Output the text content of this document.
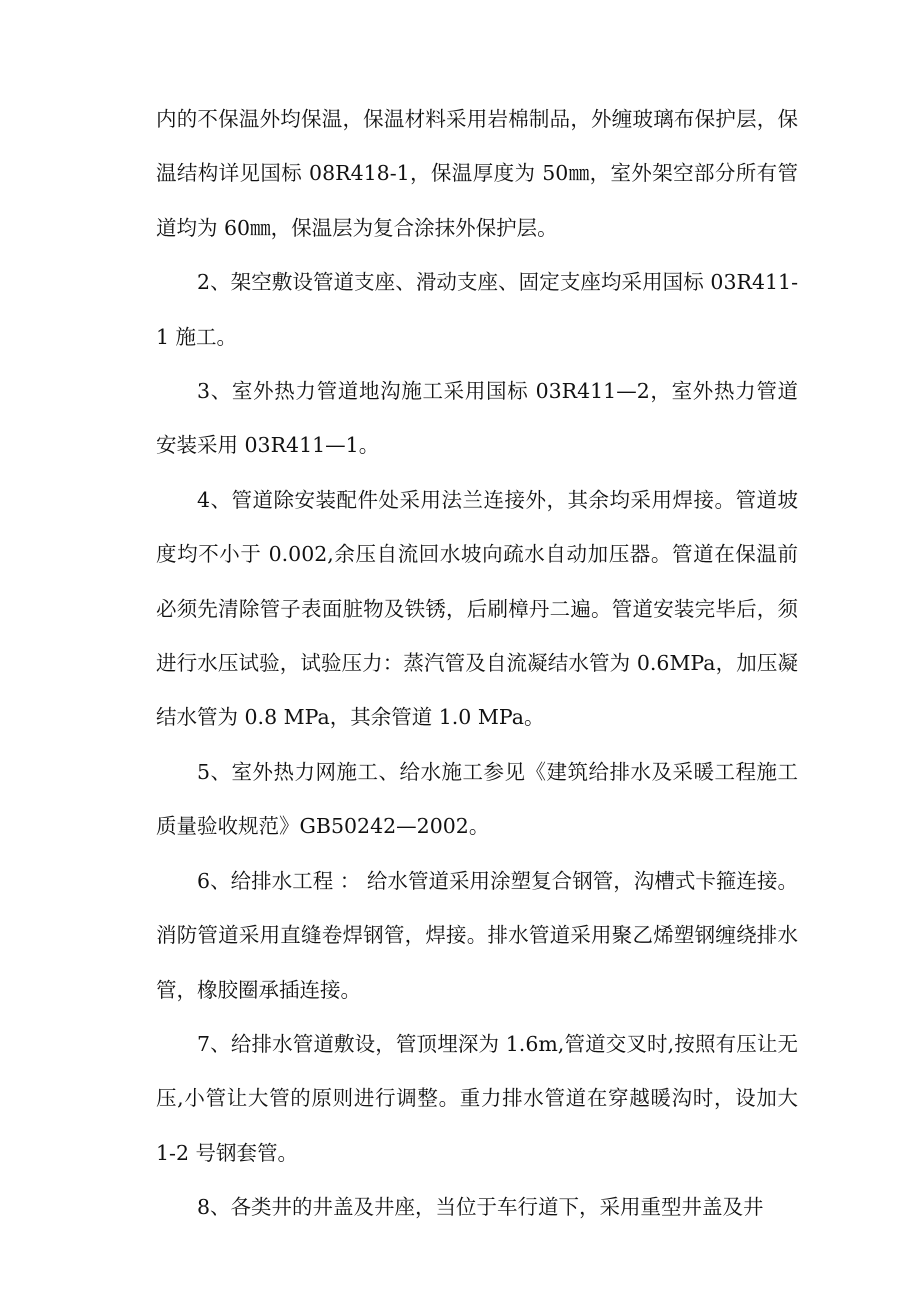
内的不保温外均保温，保温材料采用岩棉制品，外缠玻璃布保护层，保温结构详见国标 08R418-1，保温厚度为 50㎜，室外架空部分所有管道均为 60㎜，保温层为复合涂抹外保护层。

2、架空敷设管道支座、滑动支座、固定支座均采用国标 03R411-1 施工。

3、室外热力管道地沟施工采用国标 03R411—2，室外热力管道安装采用 03R411—1。

4、管道除安装配件处采用法兰连接外，其余均采用焊接。管道坡度均不小于 0.002,余压自流回水坡向疏水自动加压器。管道在保温前必须先清除管子表面脏物及铁锈，后刷樟丹二遍。管道安装完毕后，须进行水压试验，试验压力：蒸汽管及自流凝结水管为 0.6MPa，加压凝结水管为 0.8 MPa，其余管道 1.0 MPa。

5、室外热力网施工、给水施工参见《建筑给排水及采暖工程施工质量验收规范》GB50242—2002。

6、给排水工程 ： 给水管道采用涂塑复合钢管，沟槽式卡箍连接。消防管道采用直缝卷焊钢管，焊接。排水管道采用聚乙烯塑钢缠绕排水管，橡胶圈承插连接。

7、给排水管道敷设，管顶埋深为 1.6m,管道交叉时,按照有压让无压,小管让大管的原则进行调整。重力排水管道在穿越暖沟时，设加大 1-2 号钢套管。

8、各类井的井盖及井座，当位于车行道下，采用重型井盖及井
